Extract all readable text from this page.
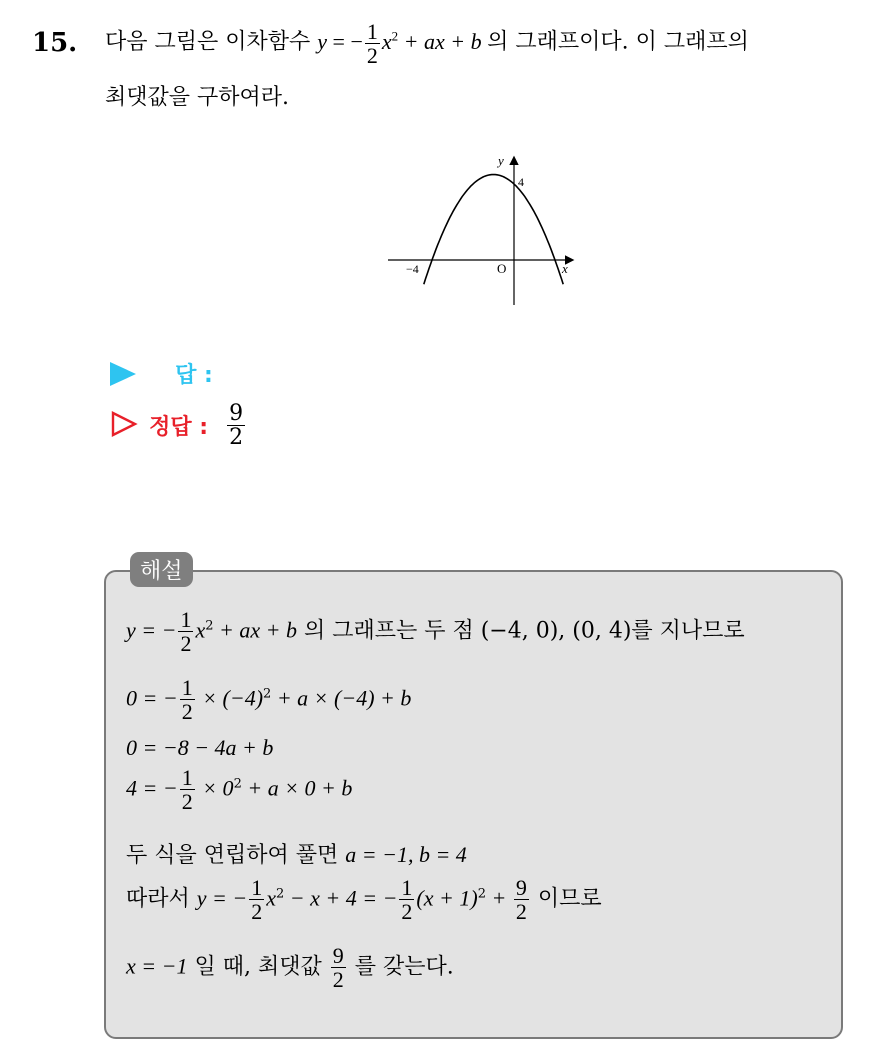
15. 다음 그림은 이차함수 y = − $\frac{1}{2} x^2$ + ax + b 의 그래프이다. 이 그래프의
최댓값을 구하여라.
y
x
O
4
−4
답 :
정답 : $\frac{9}{2}$
해설
y = − $\frac{1}{2} x^2$ + ax + b 의 그래프는 두 점 (−4, 0), (0, 4)를 지나므로
0 = − $\frac{1}{2} \times (-4)^2 + a \times (-4) + b$
0 = −8 − 4a + b
4 = − $\frac{1}{2} \times 0^2 + a \times 0 + b$
두 식을 연립하여 풀면 a = −1, b = 4
따라서 y = − $\frac{1}{2} x^2 - x + 4$ = − $\frac{1}{2} (x + 1)^2 + \frac{9}{2}$ 이므로
x = −1 일 때, 최댓값 $\frac{9}{2}$ 를 갖는다.
